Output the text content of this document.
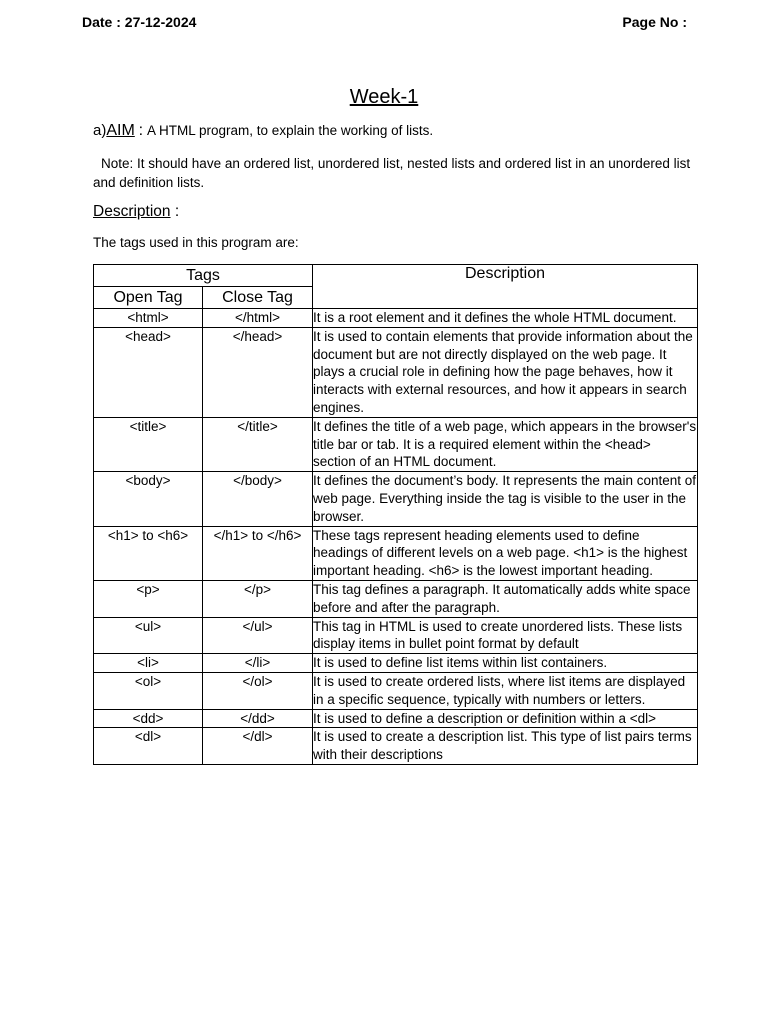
Date : 27-12-2024	Page No :
Week-1
a)AIM : A HTML program, to explain the working of lists.
Note: It should have an ordered list, unordered list, nested lists and ordered list in an unordered list and definition lists.
Description :
The tags used in this program are:
Tags		Description
Open Tag	Close Tag	
<html>	</html>	It is a root element and it defines the whole HTML document.
<head>	</head>	It is used to contain elements that provide information about the document but are not directly displayed on the web page. It plays a crucial role in defining how the page behaves, how it interacts with external resources, and how it appears in search engines.
<title>	</title>	It defines the title of a web page, which appears in the browser's title bar or tab. It is a required element within the <head> section of an HTML document.
<body>	</body>	It defines the document’s body. It represents the main content of web page. Everything inside the tag is visible to the user in the browser.
<h1> to <h6>	</h1> to </h6>	These tags represent heading elements used to define headings of different levels on a web page. <h1> is the highest important heading. <h6> is the lowest important heading.
<p>	</p>	This tag defines a paragraph. It automatically adds white space before and after the paragraph.
<ul>	</ul>	This tag in HTML is used to create unordered lists. These lists display items in bullet point format by default
<li>	</li>	It is used to define list items within list containers.
<ol>	</ol>	It is used to create ordered lists, where list items are displayed in a specific sequence, typically with numbers or letters.
<dd>	</dd>	It is used to define a description or definition within a <dl>
<dl>	</dl>	It is used to create a description list. This type of list pairs terms with their descriptions
